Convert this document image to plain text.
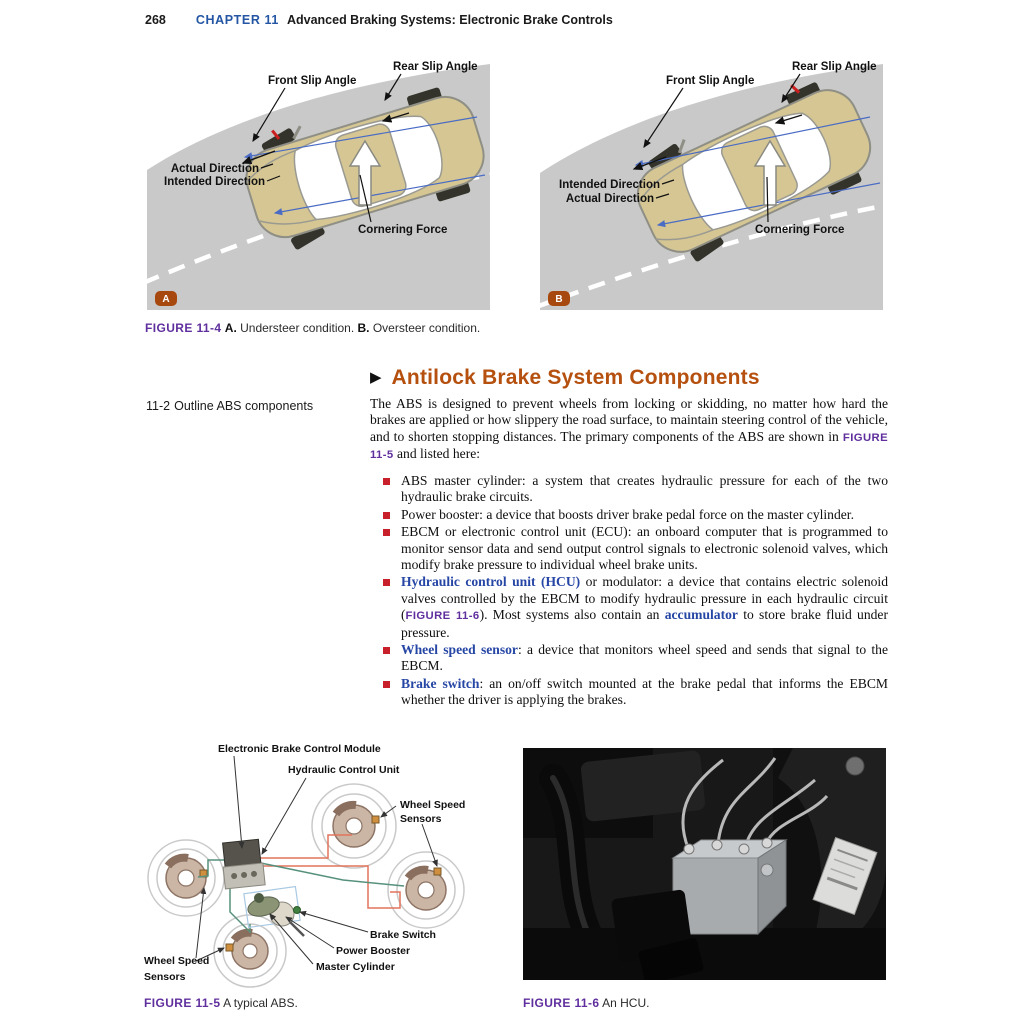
268 CHAPTER 11 Advanced Braking Systems: Electronic Brake Controls
Front Slip Angle
Rear Slip Angle
Actual Direction
Intended Direction
Cornering Force
A
Front Slip Angle
Rear Slip Angle
Intended Direction
Actual Direction
Cornering Force
B
FIGURE 11-4 A. Understeer condition. B. Oversteer condition.
▶ Antilock Brake System Components
11-2 Outline ABS components	The ABS is designed to prevent wheels from locking or skidding, no matter how hard the brakes are applied or how slippery the road surface, to maintain steering control of the vehicle, and to shorten stopping distances. The primary components of the ABS are shown in FIGURE 11-5 and listed here:

ABS master cylinder: a system that creates hydraulic pressure for each of the two hydraulic brake circuits.
Power booster: a device that boosts driver brake pedal force on the master cylinder.
EBCM or electronic control unit (ECU): an onboard computer that is programmed to monitor sensor data and send output control signals to electronic solenoid valves, which modify brake pressure to individual wheel brake units.
Hydraulic control unit (HCU) or modulator: a device that contains electric solenoid valves controlled by the EBCM to modify hydraulic pressure in each hydraulic circuit (FIGURE 11-6). Most systems also contain an accumulator to store brake fluid under pressure.
Wheel speed sensor: a device that monitors wheel speed and sends that signal to the EBCM.
Brake switch: an on/off switch mounted at the brake pedal that informs the EBCM whether the driver is applying the brakes.
Electronic Brake Control Module
Hydraulic Control Unit
Wheel Speed
Sensors
Brake Switch
Power Booster
Master Cylinder
Wheel Speed
Sensors
FIGURE 11-5 A typical ABS.	FIGURE 11-6 An HCU.
